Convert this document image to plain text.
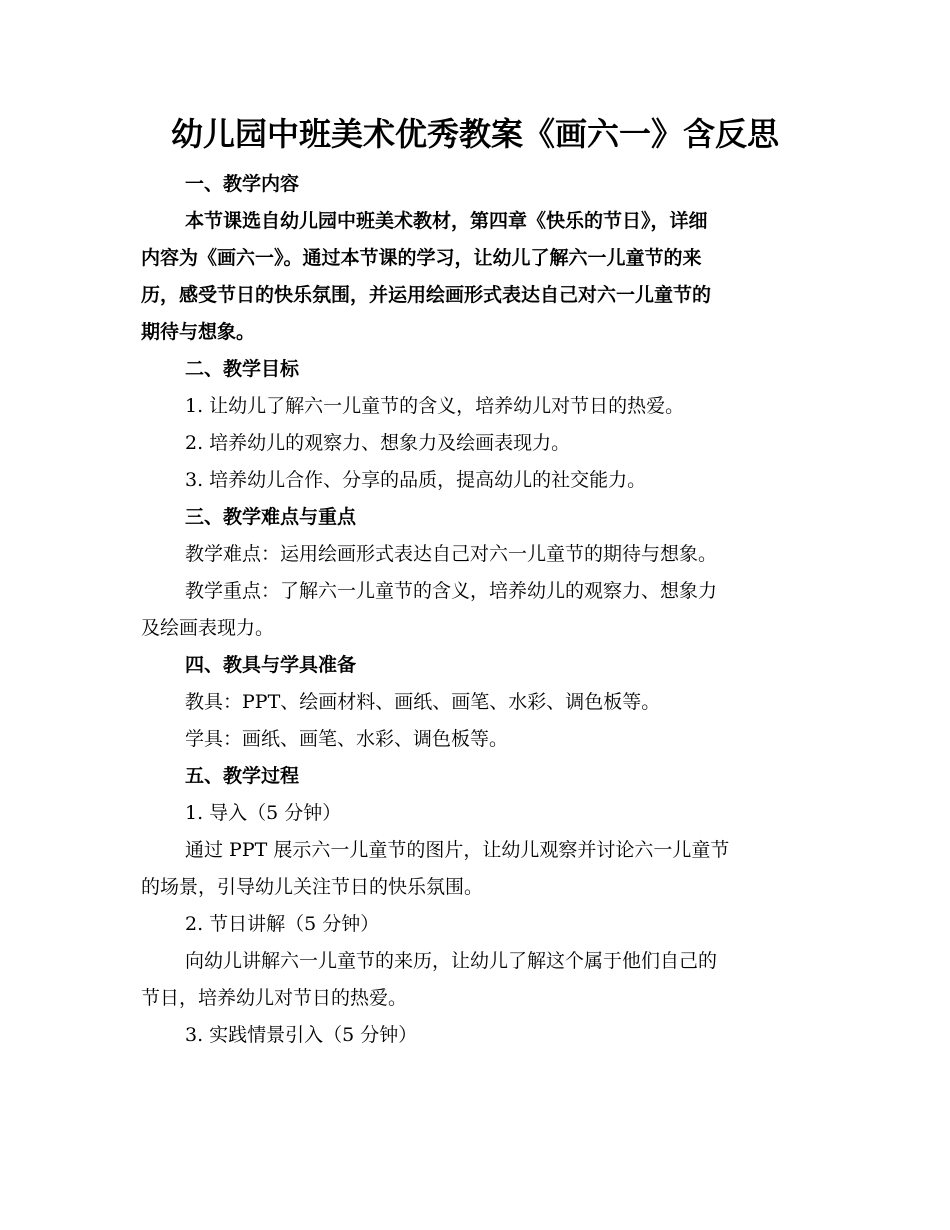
幼儿园中班美术优秀教案《画六一》含反思
一、教学内容
本节课选自幼儿园中班美术教材，第四章《快乐的节日》，详细
内容为《画六一》。通过本节课的学习，让幼儿了解六一儿童节的来
历，感受节日的快乐氛围，并运用绘画形式表达自己对六一儿童节的
期待与想象。
二、教学目标
1. 让幼儿了解六一儿童节的含义，培养幼儿对节日的热爱。
2. 培养幼儿的观察力、想象力及绘画表现力。
3. 培养幼儿合作、分享的品质，提高幼儿的社交能力。
三、教学难点与重点
教学难点：运用绘画形式表达自己对六一儿童节的期待与想象。
教学重点：了解六一儿童节的含义，培养幼儿的观察力、想象力
及绘画表现力。
四、教具与学具准备
教具：PPT、绘画材料、画纸、画笔、水彩、调色板等。
学具：画纸、画笔、水彩、调色板等。
五、教学过程
1. 导入（5 分钟）
通过 PPT 展示六一儿童节的图片，让幼儿观察并讨论六一儿童节
的场景，引导幼儿关注节日的快乐氛围。
2. 节日讲解（5 分钟）
向幼儿讲解六一儿童节的来历，让幼儿了解这个属于他们自己的
节日，培养幼儿对节日的热爱。
3. 实践情景引入（5 分钟）
